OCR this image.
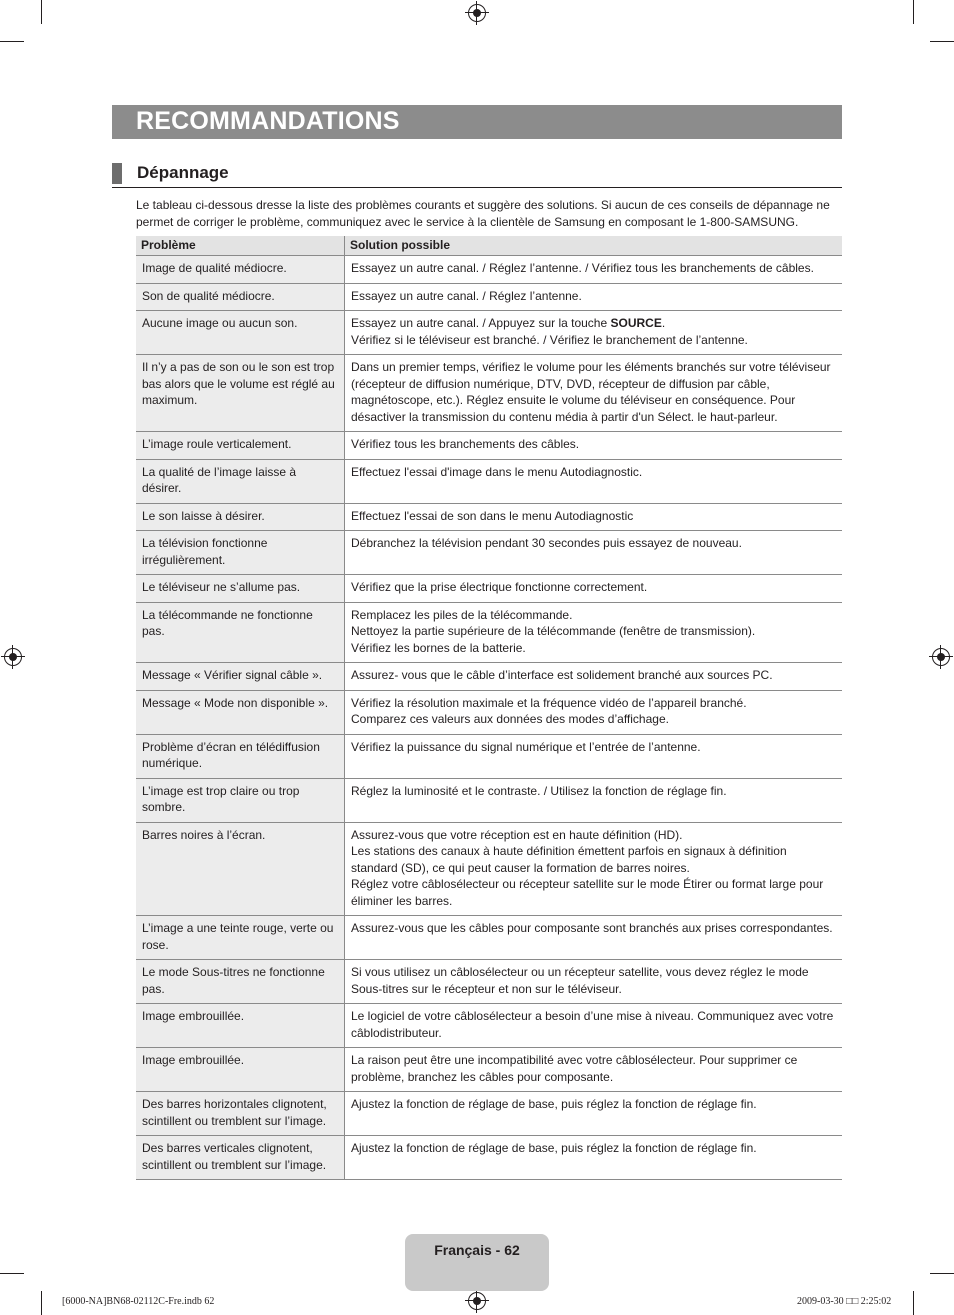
RECOMMANDATIONS
Dépannage

Le tableau ci-dessous dresse la liste des problèmes courants et suggère des solutions. Si aucun de ces conseils de dépannage ne permet de corriger le problème, communiquez avec le service à la clientèle de Samsung en composant le 1-800-SAMSUNG.

Problème	Solution possible
Image de qualité médiocre.	Essayez un autre canal. / Réglez l’antenne. / Vérifiez tous les branchements de câbles.

Son de qualité médiocre.	Essayez un autre canal. / Réglez l’antenne.

Aucune image ou aucun son.	Essayez un autre canal. / Appuyez sur la touche SOURCE.
Vérifiez si le téléviseur est branché. / Vérifiez le branchement de l’antenne.

Il n’y a pas de son ou le son est trop bas alors que le volume est réglé au maximum.	Dans un premier temps, vérifiez le volume pour les éléments branchés sur votre téléviseur (récepteur de diffusion numérique, DTV, DVD, récepteur de diffusion par câble, magnétoscope, etc.). Réglez ensuite le volume du téléviseur en conséquence. Pour désactiver la transmission du contenu média à partir d'un Sélect. le haut-parleur.

L’image roule verticalement.	Vérifiez tous les branchements des câbles.

La qualité de l’image laisse à désirer.	Effectuez l'essai d'image dans le menu Autodiagnostic.

Le son laisse à désirer.	Effectuez l'essai de son dans le menu Autodiagnostic

La télévision fonctionne irrégulièrement.	Débranchez la télévision pendant 30 secondes puis essayez de nouveau.

Le téléviseur ne s’allume pas.	Vérifiez que la prise électrique fonctionne correctement.

La télécommande ne fonctionne pas.	Remplacez les piles de la télécommande.
Nettoyez la partie supérieure de la télécommande (fenêtre de transmission).
Vérifiez les bornes de la batterie.

Message « Vérifier signal câble ».	Assurez- vous que le câble d’interface est solidement branché aux sources PC.

Message « Mode non disponible ».	Vérifiez la résolution maximale et la fréquence vidéo de l’appareil branché.
Comparez ces valeurs aux données des modes d’affichage.

Problème d’écran en télédiffusion numérique.	Vérifiez la puissance du signal numérique et l’entrée de l’antenne.

L’image est trop claire ou trop sombre.	Réglez la luminosité et le contraste. / Utilisez la fonction de réglage fin.

Barres noires à l’écran.	Assurez-vous que votre réception est en haute définition (HD).
Les stations des canaux à haute définition émettent parfois en signaux à définition standard (SD), ce qui peut causer la formation de barres noires.
Réglez votre câblosélecteur ou récepteur satellite sur le mode Étirer ou format large pour éliminer les barres.

L’image a une teinte rouge, verte ou rose.	Assurez-vous que les câbles pour composante sont branchés aux prises correspondantes.

Le mode Sous-titres ne fonctionne pas.	Si vous utilisez un câblosélecteur ou un récepteur satellite, vous devez réglez le mode Sous-titres sur le récepteur et non sur le téléviseur.

Image embrouillée.	Le logiciel de votre câblosélecteur a besoin d’une mise à niveau. Communiquez avec votre câblodistributeur.

Image embrouillée.	La raison peut être une incompatibilité avec votre câblosélecteur. Pour supprimer ce problème, branchez les câbles pour composante.

Des barres horizontales clignotent, scintillent ou tremblent sur l’image.	Ajustez la fonction de réglage de base, puis réglez la fonction de réglage fin.

Des barres verticales clignotent, scintillent ou tremblent sur l’image.	Ajustez la fonction de réglage de base, puis réglez la fonction de réglage fin.
Français - 62
[6000-NA]BN68-02112C-Fre.indb 62	2009-03-30 □□ 2:25:02
